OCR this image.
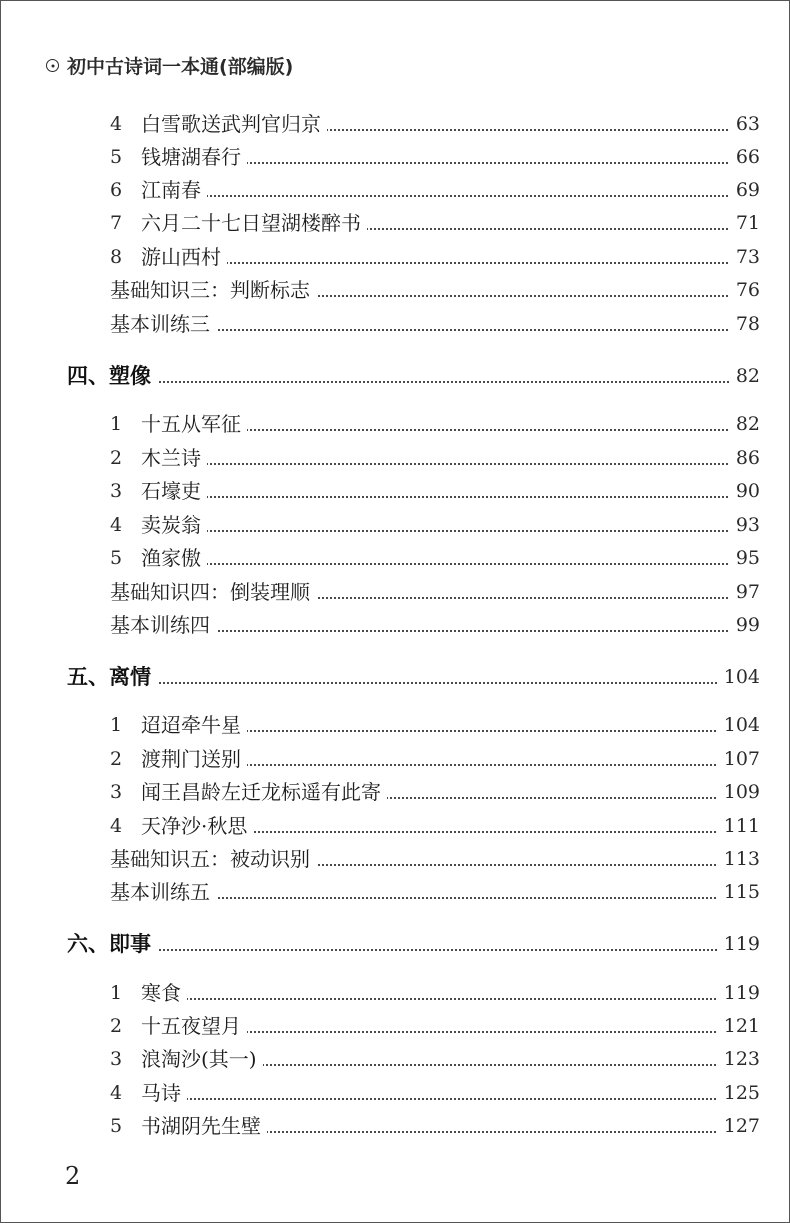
初中古诗词一本通(部编版)
4 白雪歌送武判官归京	63
5 钱塘湖春行	66
6 江南春	69
7 六月二十七日望湖楼醉书	71
8 游山西村	73
基础知识三：判断标志	76
基本训练三	78
四、塑像	82
1 十五从军征	82
2 木兰诗	86
3 石壕吏	90
4 卖炭翁	93
5 渔家傲	95
基础知识四：倒装理顺	97
基本训练四	99
五、离情	104
1 迢迢牵牛星	104
2 渡荆门送别	107
3 闻王昌龄左迁龙标遥有此寄	109
4 天净沙·秋思	111
基础知识五：被动识别	113
基本训练五	115
六、即事	119
1 寒食	119
2 十五夜望月	121
3 浪淘沙(其一)	123
4 马诗	125
5 书湖阴先生壁	127
2
